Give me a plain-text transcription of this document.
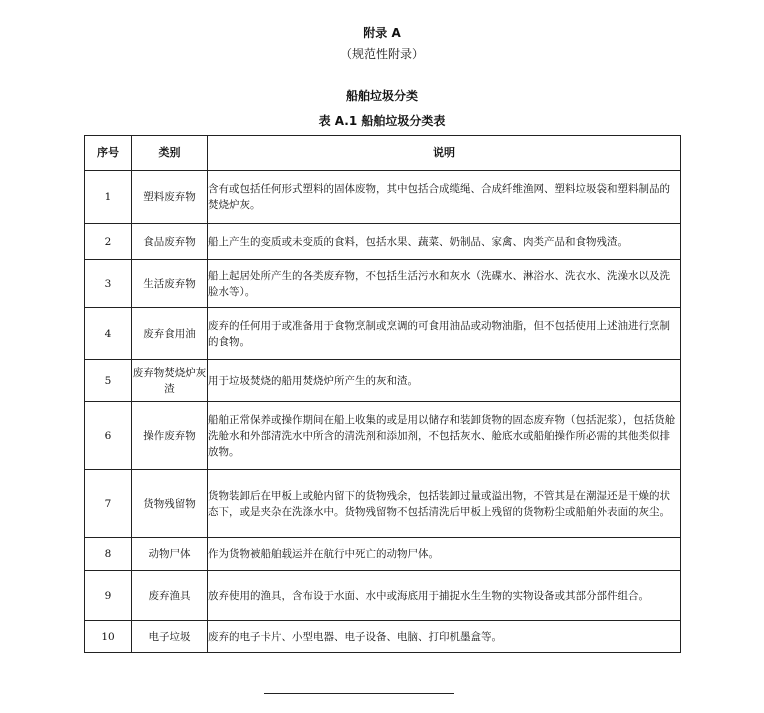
附录 A
（规范性附录）
船舶垃圾分类
表 A.1 船舶垃圾分类表
序号	类别	说明
1	塑料废弃物	含有或包括任何形式塑料的固体废物，其中包括合成缆绳、合成纤维渔网、塑料垃圾袋和塑料制品的焚烧炉灰。
2	食品废弃物	船上产生的变质或未变质的食料，包括水果、蔬菜、奶制品、家禽、肉类产品和食物残渣。
3	生活废弃物	船上起居处所产生的各类废弃物，不包括生活污水和灰水（洗碟水、淋浴水、洗衣水、洗澡水以及洗脸水等）。
4	废弃食用油	废弃的任何用于或准备用于食物烹制或烹调的可食用油品或动物油脂，但不包括使用上述油进行烹制的食物。
5	废弃物焚烧炉灰渣	用于垃圾焚烧的船用焚烧炉所产生的灰和渣。
6	操作废弃物	船舶正常保养或操作期间在船上收集的或是用以储存和装卸货物的固态废弃物（包括泥浆），包括货舱洗舱水和外部清洗水中所含的清洗剂和添加剂，不包括灰水、舱底水或船舶操作所必需的其他类似排放物。
7	货物残留物	货物装卸后在甲板上或舱内留下的货物残余，包括装卸过量或溢出物，不管其是在潮湿还是干燥的状态下，或是夹杂在洗涤水中。货物残留物不包括清洗后甲板上残留的货物粉尘或船舶外表面的灰尘。
8	动物尸体	作为货物被船舶载运并在航行中死亡的动物尸体。
9	废弃渔具	放弃使用的渔具，含布设于水面、水中或海底用于捕捉水生生物的实物设备或其部分部件组合。
10	电子垃圾	废弃的电子卡片、小型电器、电子设备、电脑、打印机墨盒等。
